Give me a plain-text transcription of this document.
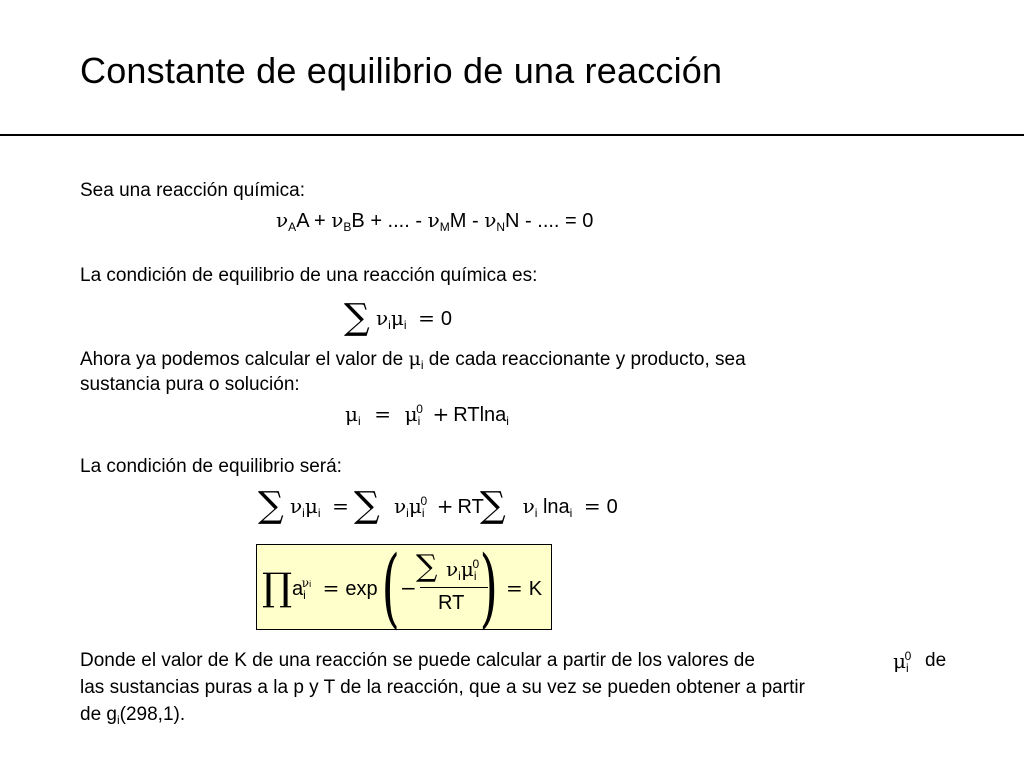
Constante de equilibrio de una reacción
Sea una reacción química:
$\nu_AA + \nu_BB$ + .... - $\nu_MM - \nu_NN$ - .... = 0
La condición de equilibrio de una reacción química es:
∑ $\nu_i\mu_i = 0$
Ahora ya podemos calcular el valor de $\mu_i$ de cada reaccionante y producto, sea
sustancia pura o solución:
$\mu_i = \mu_i^0 + RTlna_i$
La condición de equilibrio será:
∑ ∑	∑
$\nu_i\mu_i = \nu_i\mu_i^0$ + RT $\nu_i$ lna$_i$ = 0
∏ $a_i^{\nu i} = \exp$ ( −
∑ $\nu_i\mu_i^0$
RT ) = K
Donde el valor de K de una reacción se puede calcular a partir de los valores de	$\mu_i^0$ de
las sustancias puras a la p y T de la reacción, que a su vez se pueden obtener a partir
de $g_i(298,1)$.
